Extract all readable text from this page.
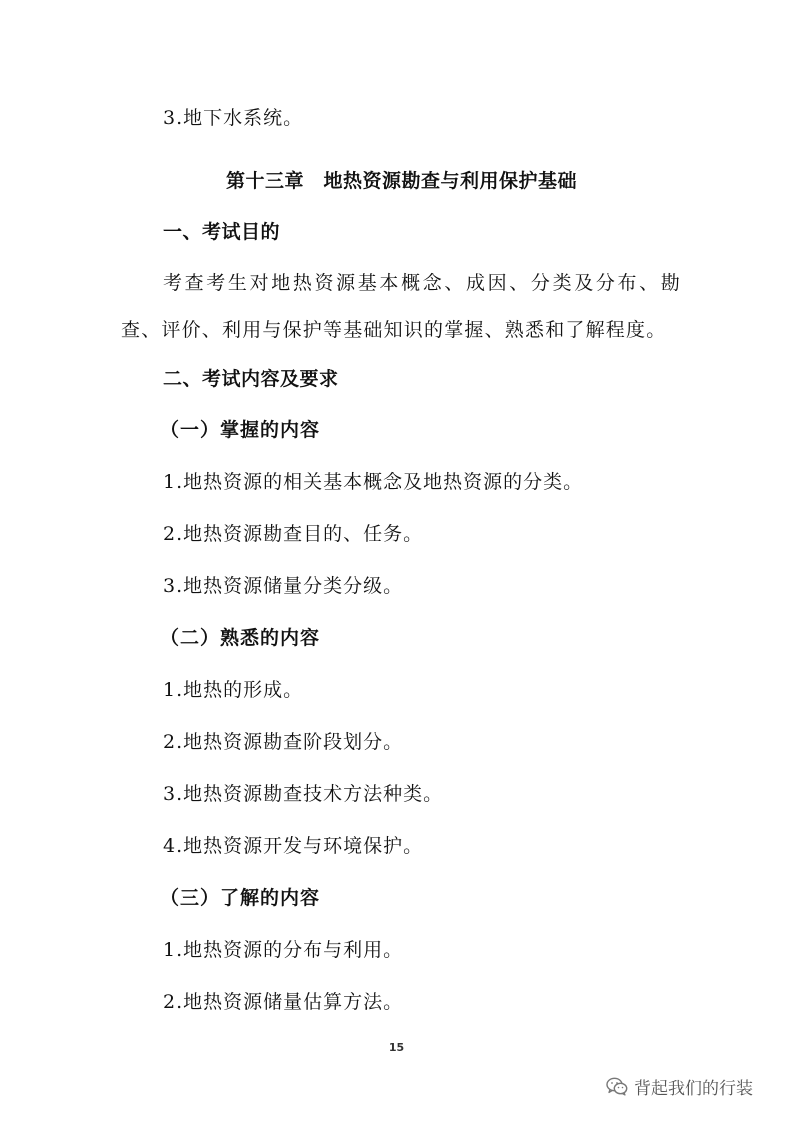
3.地下水系统。
第十三章　地热资源勘查与利用保护基础
一、考试目的

考查考生对地热资源基本概念、成因、分类及分布、勘查、评价、利用与保护等基础知识的掌握、熟悉和了解程度。

二、考试内容及要求
（一）掌握的内容
1.地热资源的相关基本概念及地热资源的分类。
2.地热资源勘查目的、任务。
3.地热资源储量分类分级。
（二）熟悉的内容
1.地热的形成。
2.地热资源勘查阶段划分。
3.地热资源勘查技术方法种类。
4.地热资源开发与环境保护。
（三）了解的内容
1.地热资源的分布与利用。
2.地热资源储量估算方法。
15
背起我们的行装
